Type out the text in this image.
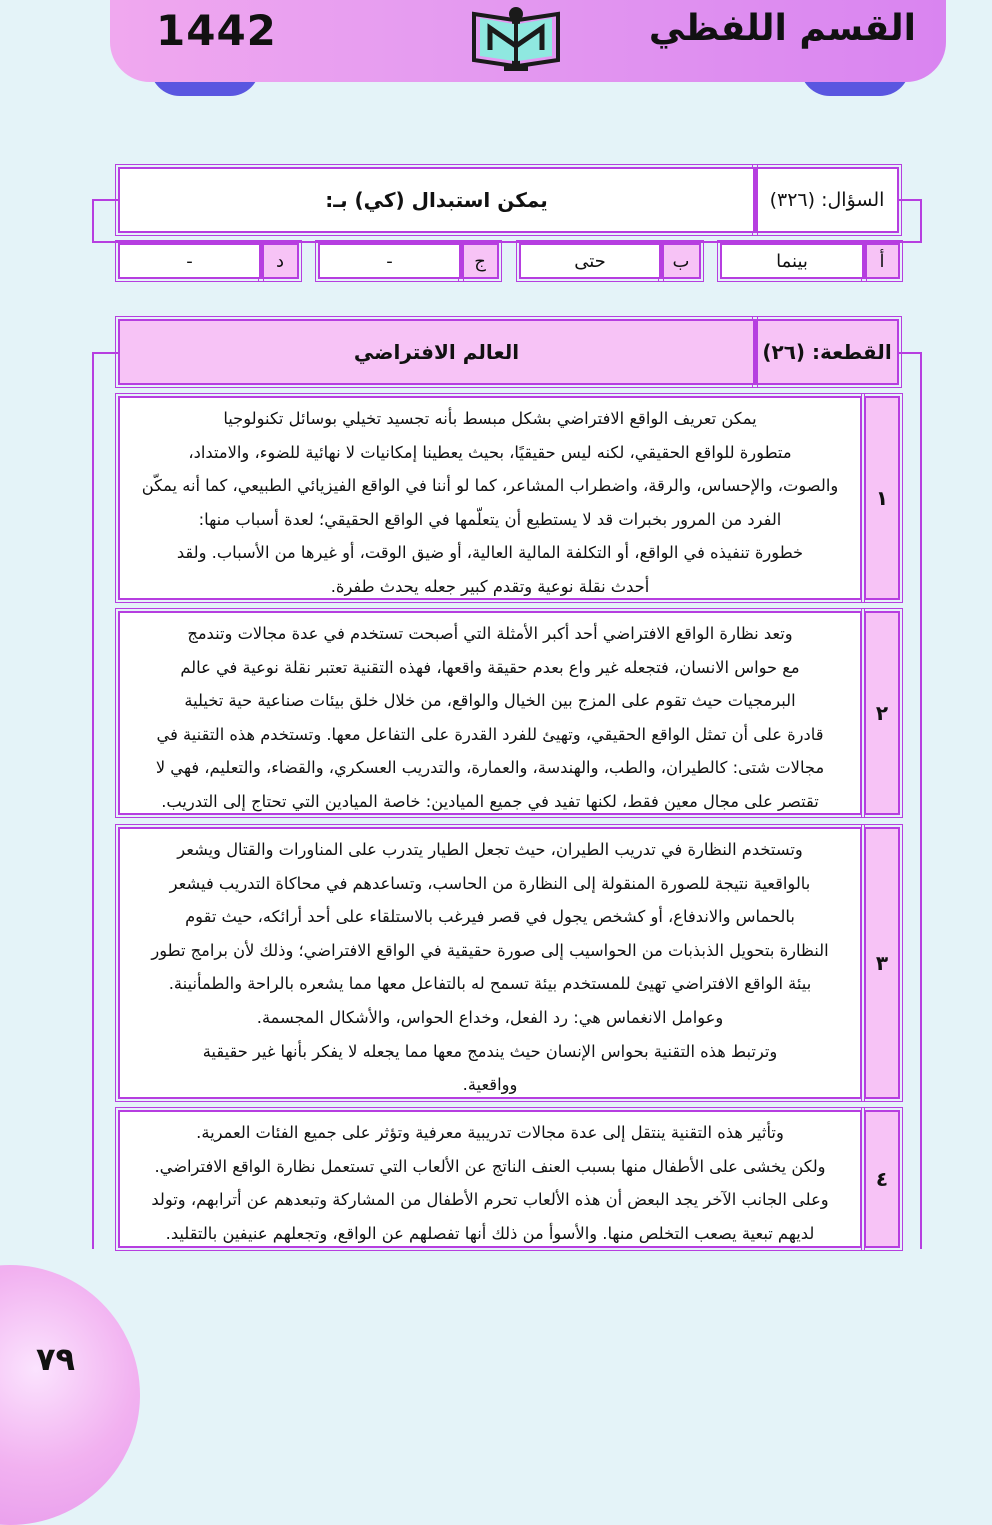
القسم اللفظي
1442
السؤال: (٣٢٦)
يمكن استبدال (كي) بـ:
أ
بينما
ب
حتى
ج
-
د
-
القطعة: (٢٦)
العالم الافتراضي
١
يمكن تعريف الواقع الافتراضي بشكل مبسط بأنه تجسيد تخيلي بوسائل تكنولوجيا
متطورة للواقع الحقيقي، لكنه ليس حقيقيًا، بحيث يعطينا إمكانيات لا نهائية للضوء، والامتداد،
والصوت، والإحساس، والرقة، واضطراب المشاعر، كما لو أننا في الواقع الفيزيائي الطبيعي، كما أنه يمكّن
الفرد من المرور بخبرات قد لا يستطيع أن يتعلّمها في الواقع الحقيقي؛ لعدة أسباب منها:
خطورة تنفيذه في الواقع، أو التكلفة المالية العالية، أو ضيق الوقت، أو غيرها من الأسباب. ولقد
أحدث نقلة نوعية وتقدم كبير جعله يحدث طفرة.
٢
وتعد نظارة الواقع الافتراضي أحد أكبر الأمثلة التي أصبحت تستخدم في عدة مجالات وتندمج
مع حواس الانسان، فتجعله غير واع بعدم حقيقة واقعها، فهذه التقنية تعتبر نقلة نوعية في عالم
البرمجيات حيث تقوم على المزج بين الخيال والواقع، من خلال خلق بيئات صناعية حية تخيلية
قادرة على أن تمثل الواقع الحقيقي، وتهيئ للفرد القدرة على التفاعل معها. وتستخدم هذه التقنية في
مجالات شتى: كالطيران، والطب، والهندسة، والعمارة، والتدريب العسكري، والقضاء، والتعليم، فهي لا
تقتصر على مجال معين فقط، لكنها تفيد في جميع الميادين: خاصة الميادين التي تحتاج إلى التدريب.
٣
وتستخدم النظارة في تدريب الطيران، حيث تجعل الطيار يتدرب على المناورات والقتال ويشعر
بالواقعية نتيجة للصورة المنقولة إلى النظارة من الحاسب، وتساعدهم في محاكاة التدريب فيشعر
بالحماس والاندفاع، أو كشخص يجول في قصر فيرغب بالاستلقاء على أحد أرائكه، حيث تقوم
النظارة بتحويل الذبذبات من الحواسيب إلى صورة حقيقية في الواقع الافتراضي؛ وذلك لأن برامج تطور
بيئة الواقع الافتراضي تهيئ للمستخدم بيئة تسمح له بالتفاعل معها مما يشعره بالراحة والطمأنينة.
وعوامل الانغماس هي: رد الفعل، وخداع الحواس، والأشكال المجسمة.
وترتبط هذه التقنية بحواس الإنسان حيث يندمج معها مما يجعله لا يفكر بأنها غير حقيقية
وواقعية.
٤
وتأثير هذه التقنية ينتقل إلى عدة مجالات تدريبية معرفية وتؤثر على جميع الفئات العمرية.
ولكن يخشى على الأطفال منها بسبب العنف الناتج عن الألعاب التي تستعمل نظارة الواقع الافتراضي.
وعلى الجانب الآخر يجد البعض أن هذه الألعاب تحرم الأطفال من المشاركة وتبعدهم عن أترابهم، وتولد
لديهم تبعية يصعب التخلص منها. والأسوأ من ذلك أنها تفصلهم عن الواقع، وتجعلهم عنيفين بالتقليد.
٧٩
